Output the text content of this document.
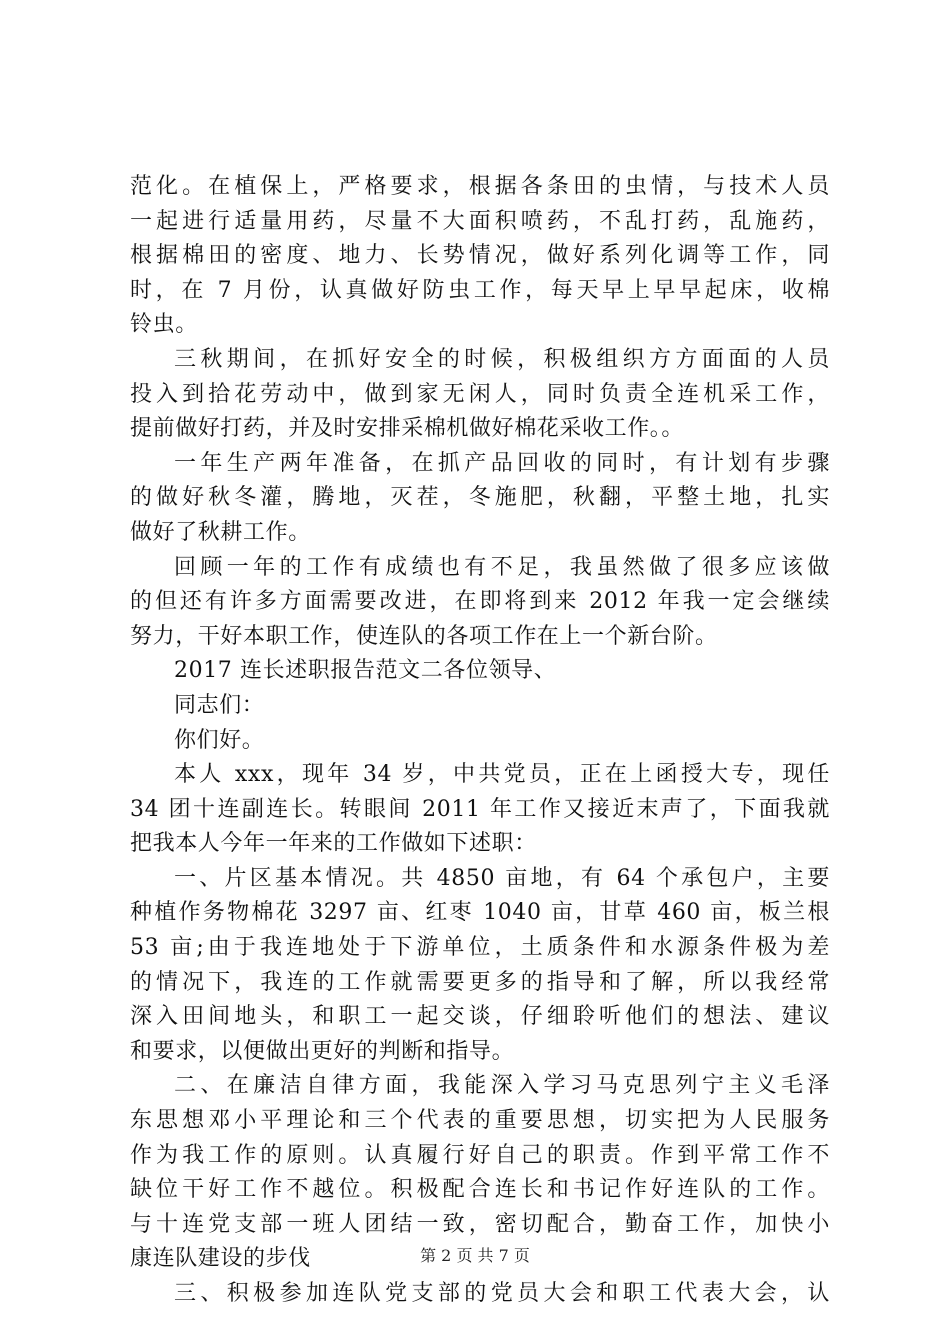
范化。在植保上，严格要求，根据各条田的虫情，与技术人员
一起进行适量用药，尽量不大面积喷药，不乱打药，乱施药，
根据棉田的密度、地力、长势情况，做好系列化调等工作，同
时，在 7 月份，认真做好防虫工作，每天早上早早起床，收棉
铃虫。
三秋期间，在抓好安全的时候，积极组织方方面面的人员
投入到拾花劳动中，做到家无闲人，同时负责全连机采工作，
提前做好打药，并及时安排采棉机做好棉花采收工作。。
一年生产两年准备，在抓产品回收的同时，有计划有步骤
的做好秋冬灌，腾地，灭茬，冬施肥，秋翻，平整土地，扎实
做好了秋耕工作。
回顾一年的工作有成绩也有不足，我虽然做了很多应该做
的但还有许多方面需要改进，在即将到来 2012 年我一定会继续
努力，干好本职工作，使连队的各项工作在上一个新台阶。
2017 连长述职报告范文二各位领导、
同志们：
你们好。
本人 xxx，现年 34 岁，中共党员，正在上函授大专，现任
34 团十连副连长。转眼间 2011 年工作又接近末声了，下面我就
把我本人今年一年来的工作做如下述职：
一、片区基本情况。共 4850 亩地，有 64 个承包户，主要
种植作务物棉花 3297 亩、红枣 1040 亩，甘草 460 亩，板兰根
53 亩;由于我连地处于下游单位，土质条件和水源条件极为差
的情况下，我连的工作就需要更多的指导和了解，所以我经常
深入田间地头，和职工一起交谈，仔细聆听他们的想法、建议
和要求，以便做出更好的判断和指导。
二、在廉洁自律方面，我能深入学习马克思列宁主义毛泽
东思想邓小平理论和三个代表的重要思想，切实把为人民服务
作为我工作的原则。认真履行好自己的职责。作到平常工作不
缺位干好工作不越位。积极配合连长和书记作好连队的工作。
与十连党支部一班人团结一致，密切配合，勤奋工作，加快小
康连队建设的步伐
三、积极参加连队党支部的党员大会和职工代表大会，认
第 2 页 共 7 页
